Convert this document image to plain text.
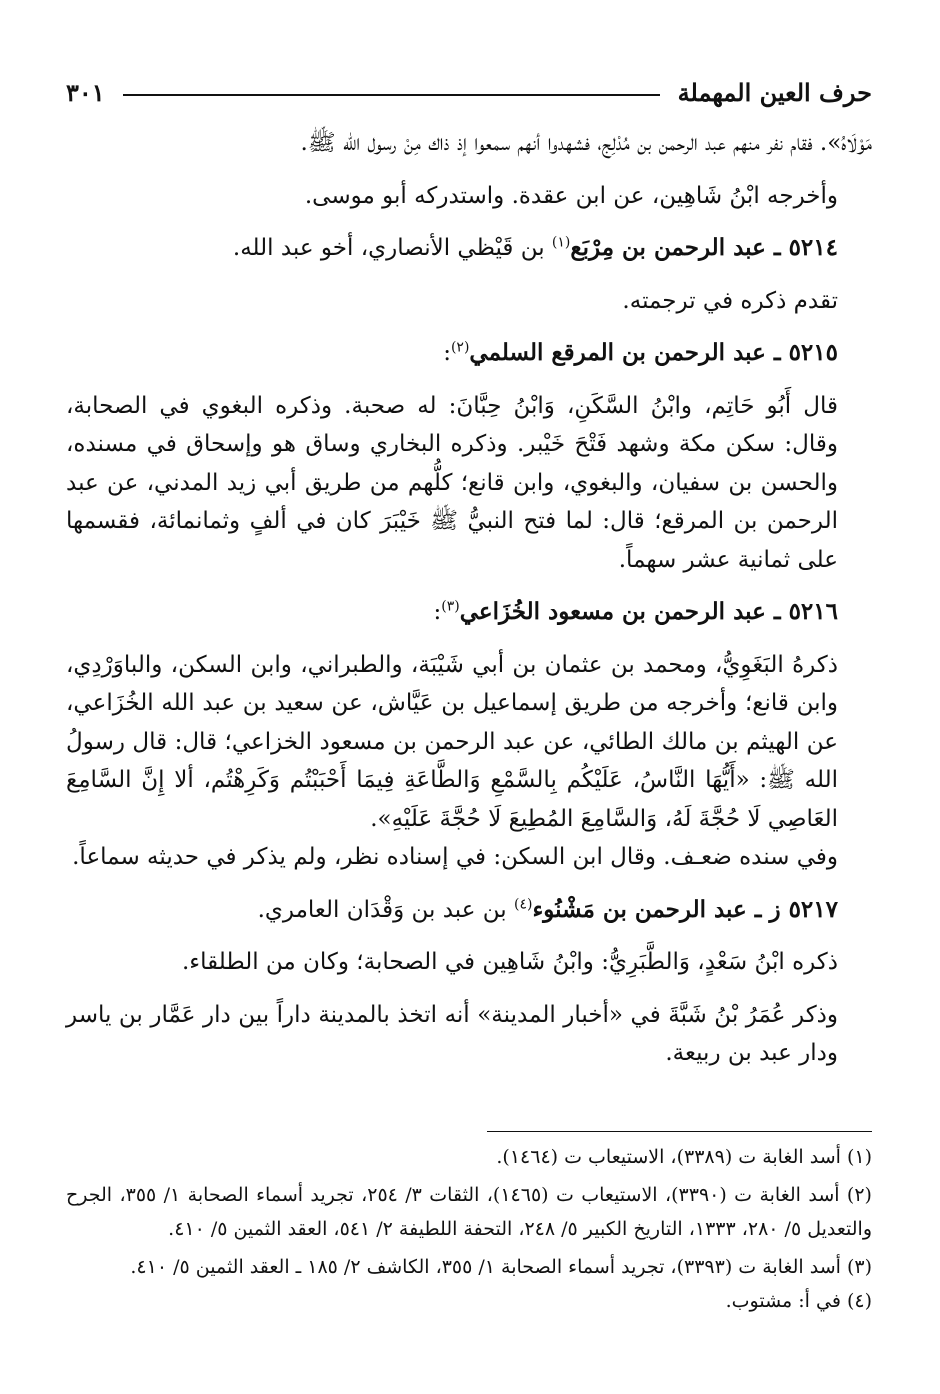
حرف العين المهملة
٣٠١

مَوْلَاهُ». فقام نفر منهم عبد الرحمن بن مُدْلِج، فشهدوا أنهم سمعوا إذ ذاك مِنْ رسول الله ﷺ.

وأخرجه ابْنُ شَاهِين، عن ابن عقدة. واستدركه أبو موسى.

٥٢١٤ ـ عبد الرحمن بن مِرْبَع$^{(١)}$ بن قَيْظي الأنصاري، أخو عبد الله.

تقدم ذكره في ترجمته.

٥٢١٥ ـ عبد الرحمن بن المرقع السلمي$^{(٢)}$:

قال أَبُو حَاتِم، وابْنُ السَّكَنِ، وَابْنُ حِبَّانَ: له صحبة. وذكره البغوي في الصحابة، وقال: سكن مكة وشهد فَتْحَ خَيْبر. وذكره البخاري وساق هو وإسحاق في مسنده، والحسن بن سفيان، والبغوي، وابن قانع؛ كلُّهم من طريق أبي زيد المدني، عن عبد الرحمن بن المرقع؛ قال: لما فتح النبيُّ ﷺ خَيْبَرَ كان في ألفٍ وثمانمائة، فقسمها على ثمانية عشر سهماً.

٥٢١٦ ـ عبد الرحمن بن مسعود الخُزَاعي$^{(٣)}$:

ذكرهُ البَغَوِيُّ، ومحمد بن عثمان بن أبي شَيْبَة، والطبراني، وابن السكن، والباوَرْدِي، وابن قانع؛ وأخرجه من طريق إسماعيل بن عَيَّاش، عن سعيد بن عبد الله الخُزَاعي، عن الهيثم بن مالك الطائي، عن عبد الرحمن بن مسعود الخزاعي؛ قال: قال رسولُ الله ﷺ: «أَيُّهَا النَّاسُ، عَلَيْكُم بِالسَّمْعِ وَالطَّاعَةِ فِيمَا أَحْبَبْتُم وَكَرِهْتُم، ألا إِنَّ السَّامِعَ العَاصِي لَا حُجَّةَ لَهُ، وَالسَّامِعَ المُطِيعَ لَا حُجَّةَ عَلَيْهِ».

وفي سنده ضعـف. وقال ابن السكن: في إسناده نظر، ولم يذكر في حديثه سماعاً.

٥٢١٧ ز ـ عبد الرحمن بن مَشْنُوء$^{(٤)}$ بن عبد بن وَقْدَان العامري.

ذكره ابْنُ سَعْدٍ، وَالطَّبَرِيُّ: وابْنُ شَاهِين في الصحابة؛ وكان من الطلقاء.

وذكر عُمَرُ بْنُ شَبَّةَ في «أخبار المدينة» أنه اتخذ بالمدينة داراً بين دار عَمَّار بن ياسر ودار عبد بن ربيعة.

(١) أسد الغابة ت (٣٣٨٩)، الاستيعاب ت (١٤٦٤).

(٢) أسد الغابة ت (٣٣٩٠)، الاستيعاب ت (١٤٦٥)، الثقات ٣/ ٢٥٤، تجريد أسماء الصحابة ١/ ٣٥٥، الجرح والتعديل ٥/ ٢٨٠، ١٣٣٣، التاريخ الكبير ٥/ ٢٤٨، التحفة اللطيفة ٢/ ٥٤١، العقد الثمين ٥/ ٤١٠.

(٣) أسد الغابة ت (٣٣٩٣)، تجريد أسماء الصحابة ١/ ٣٥٥، الكاشف ٢/ ١٨٥ ـ العقد الثمين ٥/ ٤١٠.

(٤) في أ: مشتوب.
